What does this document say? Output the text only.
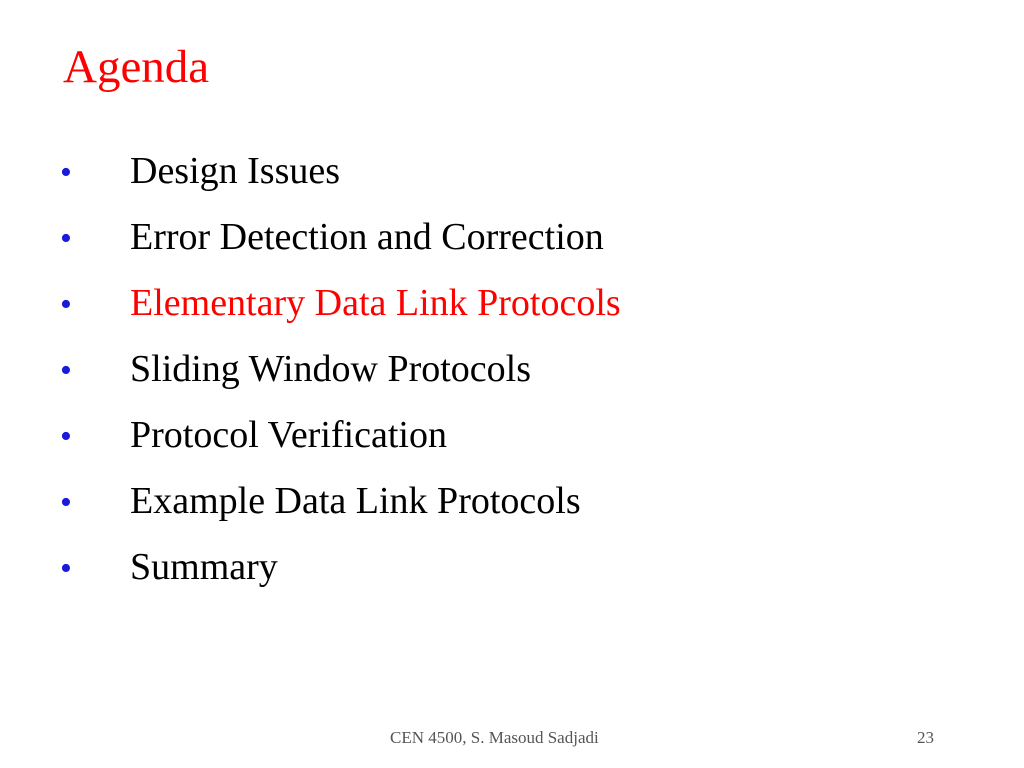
Agenda
• Design Issues
• Error Detection and Correction
• Elementary Data Link Protocols
• Sliding Window Protocols
• Protocol Verification
• Example Data Link Protocols
• Summary
CEN 4500, S. Masoud Sadjadi	23
